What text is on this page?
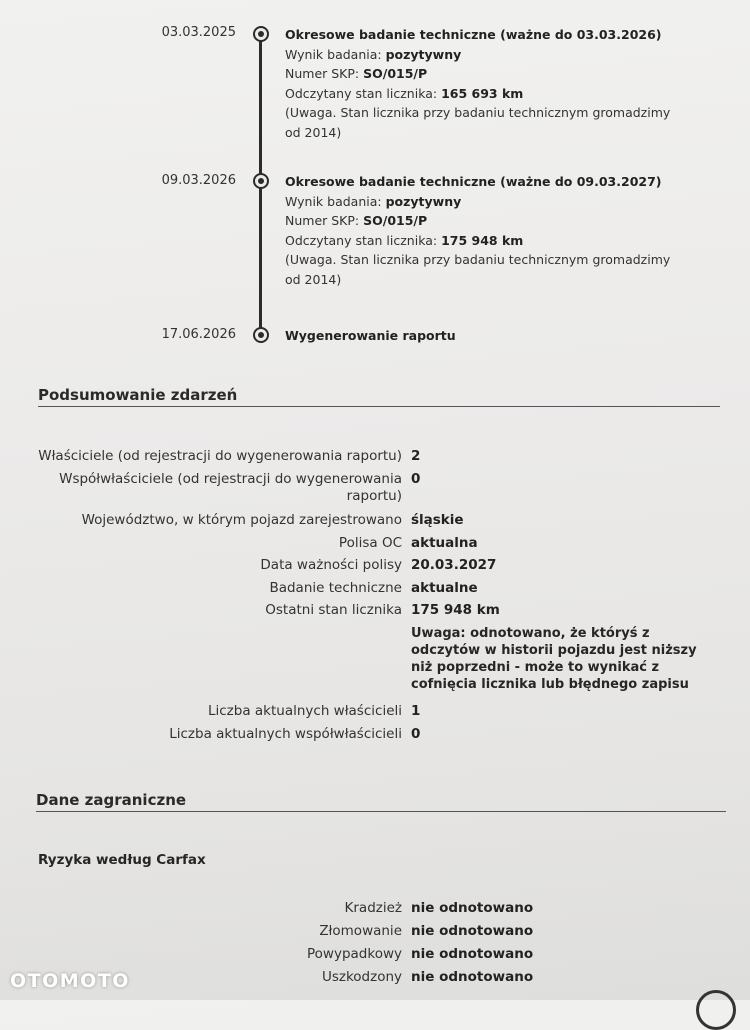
03.03.2025	Okresowe badanie techniczne (ważne do 03.03.2026)
Wynik badania: pozytywny
Numer SKP: SO/015/P
Odczytany stan licznika: 165 693 km
(Uwaga. Stan licznika przy badaniu technicznym gromadzimy od 2014)
09.03.2026	Okresowe badanie techniczne (ważne do 09.03.2027)
Wynik badania: pozytywny
Numer SKP: SO/015/P
Odczytany stan licznika: 175 948 km
(Uwaga. Stan licznika przy badaniu technicznym gromadzimy od 2014)
17.06.2026	Wygenerowanie raportu
Podsumowanie zdarzeń
Właściciele (od rejestracji do wygenerowania raportu) 2
Współwłaściciele (od rejestracji do wygenerowania
raportu)
0
Województwo, w którym pojazd zarejestrowano śląskie
Polisa OC aktualna
Data ważności polisy 20.03.2027
Badanie techniczne aktualne
Ostatni stan licznika 175 948 km
Uwaga: odnotowano, że któryś z odczytów w historii pojazdu jest niższy niż poprzedni - może to wynikać z cofnięcia licznika lub błędnego zapisu
Liczba aktualnych właścicieli 1
Liczba aktualnych współwłaścicieli 0
Dane zagraniczne
Ryzyka według Carfax
Kradzież nie odnotowano
Złomowanie nie odnotowano
Powypadkowy nie odnotowano
Uszkodzony nie odnotowano
OTOMOTO
